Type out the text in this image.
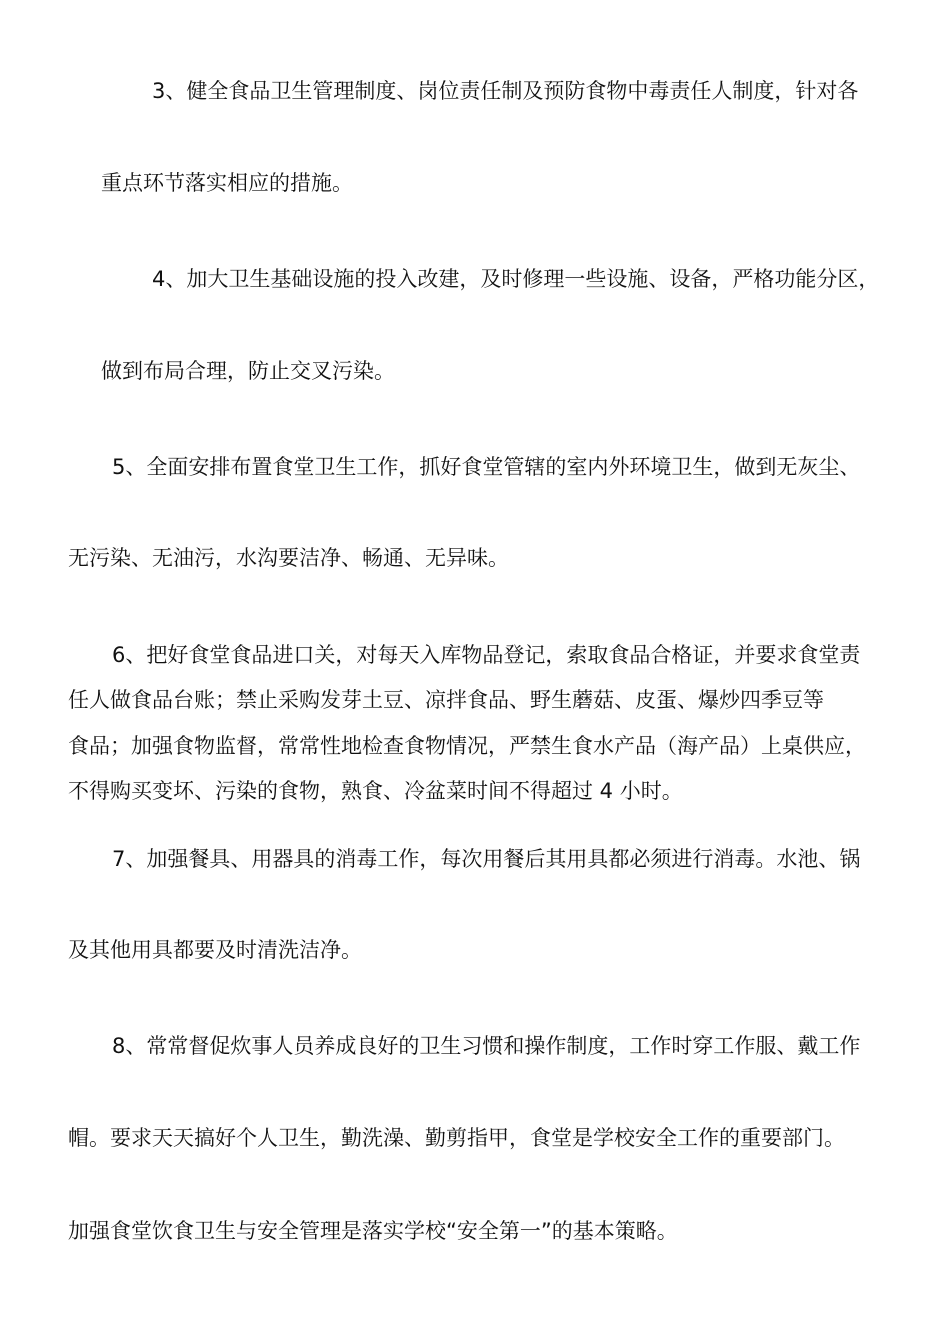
3、健全食品卫生管理制度、岗位责任制及预防食物中毒责任人制度，针对各

重点环节落实相应的措施。

4、加大卫生基础设施的投入改建，及时修理一些设施、设备，严格功能分区，

做到布局合理，防止交叉污染。

5、全面安排布置食堂卫生工作，抓好食堂管辖的室内外环境卫生，做到无灰尘、

无污染、无油污，水沟要洁净、畅通、无异味。

6、把好食堂食品进口关，对每天入库物品登记，索取食品合格证，并要求食堂责

任人做食品台账；禁止采购发芽土豆、凉拌食品、野生蘑菇、皮蛋、爆炒四季豆等

食品；加强食物监督，常常性地检查食物情况，严禁生食水产品（海产品）上桌供应，

不得购买变坏、污染的食物，熟食、冷盆菜时间不得超过 4 小时。

7、加强餐具、用器具的消毒工作，每次用餐后其用具都必须进行消毒。水池、锅

及其他用具都要及时清洗洁净。

8、常常督促炊事人员养成良好的卫生习惯和操作制度，工作时穿工作服、戴工作

帽。要求天天搞好个人卫生，勤洗澡、勤剪指甲，食堂是学校安全工作的重要部门。

加强食堂饮食卫生与安全管理是落实学校“安全第一”的基本策略。
